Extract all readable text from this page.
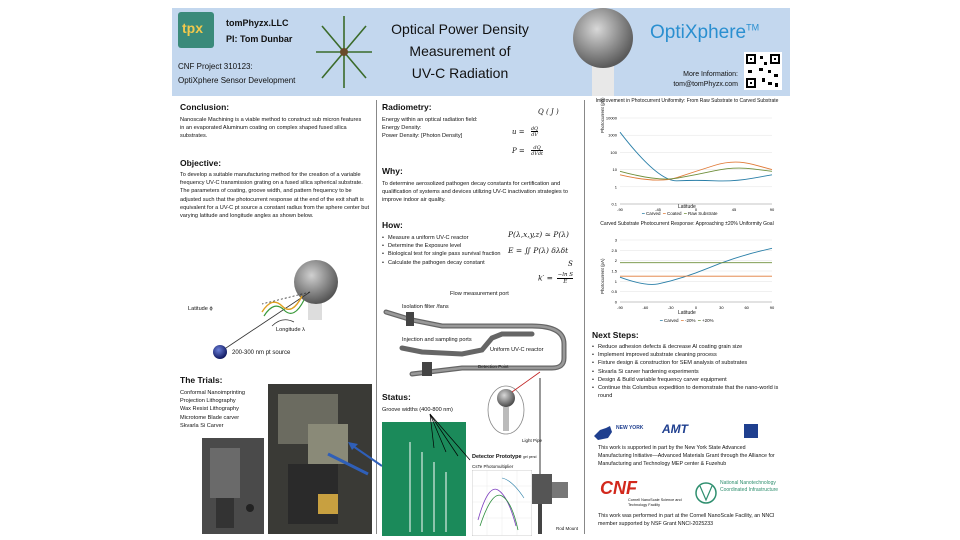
tpx	tomPhyzx.LLC
PI: Tom Dunbar
CNF Project 310123:
OptiXphere Sensor Development
Optical Power Density
Measurement of
UV-C Radiation
OptiXphere™
More Information:
tom@tomPhyzx.com
Conclusion:
Nanoscale Machining is a viable method to construct sub micron features in an evaporated Aluminum coating on complex shaped fused silica substrates.
Objective:
To develop a suitable manufacturing method for the creation of a variable frequency UV-C transmission grating on a fused silica spherical substrate. The parameters of coating, groove width, and pattern frequency to be adjusted such that the photocurrent response at the end of the exit shaft is equivalent for a UV-C pt source a constant radius from the sphere center but varying latitude and longitude angles as shown below.
Latitude ϕ
Longitude λ
200-300 nm pt source
The Trials:
Conformal Nanoimprinting
Projection Lithography
Wax Resist Lithography
Microtome Blade carver
Skvarla Si Carver
Radiometry:
Energy within an optical radiation field:
Energy Density:
Power Density: [Photon Density]
Q ( J )
u = dQ
dV
P = dQ
dVdt
Why:
To determine aerosolized pathogen decay constants for certification and qualification of systems and devices utilizing UV-C inactivation strategies to improve indoor air quality.
How:
• Measure a uniform UV-C reactor
• Determine the Exposure level
• Biological test for single pass survival fraction
• Calculate the pathogen decay constant
P(λ,x,y,z) ≃ P(λ)
E = ∬ P(λ) δλδt
S
$k' = \frac{\text{−ln S}}{E}$
Flow measurement port
Isolation filter /fans
Injection and sampling ports
Uniform UV-C reactor
Status:
Groove widths (400-800 nm)
Detection Point
Light Pipe
Detector Prototype gel pend
CsTe Photomultiplier
Rod Mount
Improvement in Photocurrent Uniformity: From Raw Substrate to Carved Substrate
10000
1000
100
10
1
0.1
-90	-45	0	45	90
Photocurrent (pA)
Latitude
━ Carved ━ Coated ━ Raw Substrate
Carved Substrate Photocurrent Response: Approaching ±20% Uniformity Goal
3
2.5
2
1.5
1
0.5
0
-90	-60	-30	0	30	60	90
Photocurrent (pA)
Latitude
━ Carved ━ -20% ━ +20%
Next Steps:
• Reduce adhesion defects & decrease Al coating grain size
• Implement improved substrate cleaning process
• Fixture design & construction for SEM analysis of substrates
• Skvarla Si carver hardening experiments
• Design & Build variable frequency carver equipment
• Continue this Columbus expedition to demonstrate that the nano-world is round
NEW YORK AMT
This work is supported in part by the New York State Advanced Manufacturing Initiative—Advanced Materials Grant through the Alliance for Manufacturing and Technology MEP center & Fuzehub
CNF
Cornell NanoScale Science and Technology Facility
National Nanotechnology Coordinated Infrastructure
This work was performed in part at the Cornell NanoScale Facility, an NNCI member supported by NSF Grant NNCI-2025233
